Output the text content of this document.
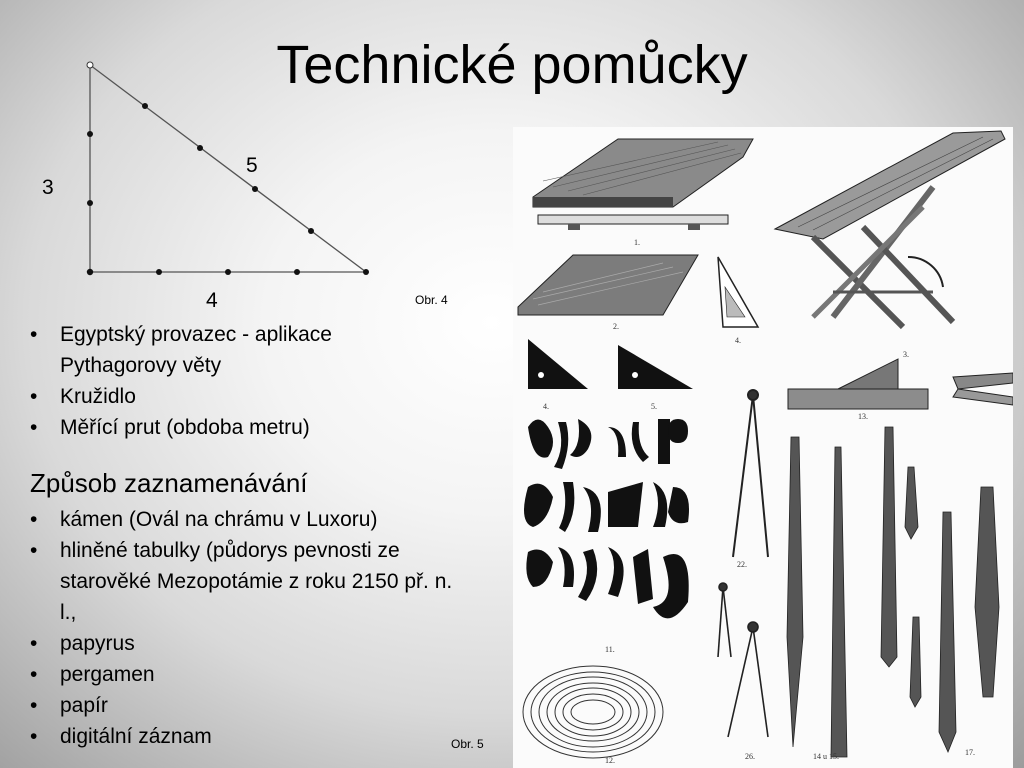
Technické pomůcky
3
5
4	Obr. 4
• Egyptský provazec - aplikace Pythagorovy věty
• Kružidlo
• Měřící prut (obdoba metru)
Způsob zaznamenávání
• kámen (Ovál na chrámu v Luxoru)
• hliněné tabulky (půdorys pevnosti ze starověké Mezopotámie z roku 2150 př. n. l.,
• papyrus
• pergamen
• papír
• digitální záznam	Obr. 5
1.
3.
2.
4.
4.	5.
13.
11.
12.
22.
26.	14 u 15.	17.
